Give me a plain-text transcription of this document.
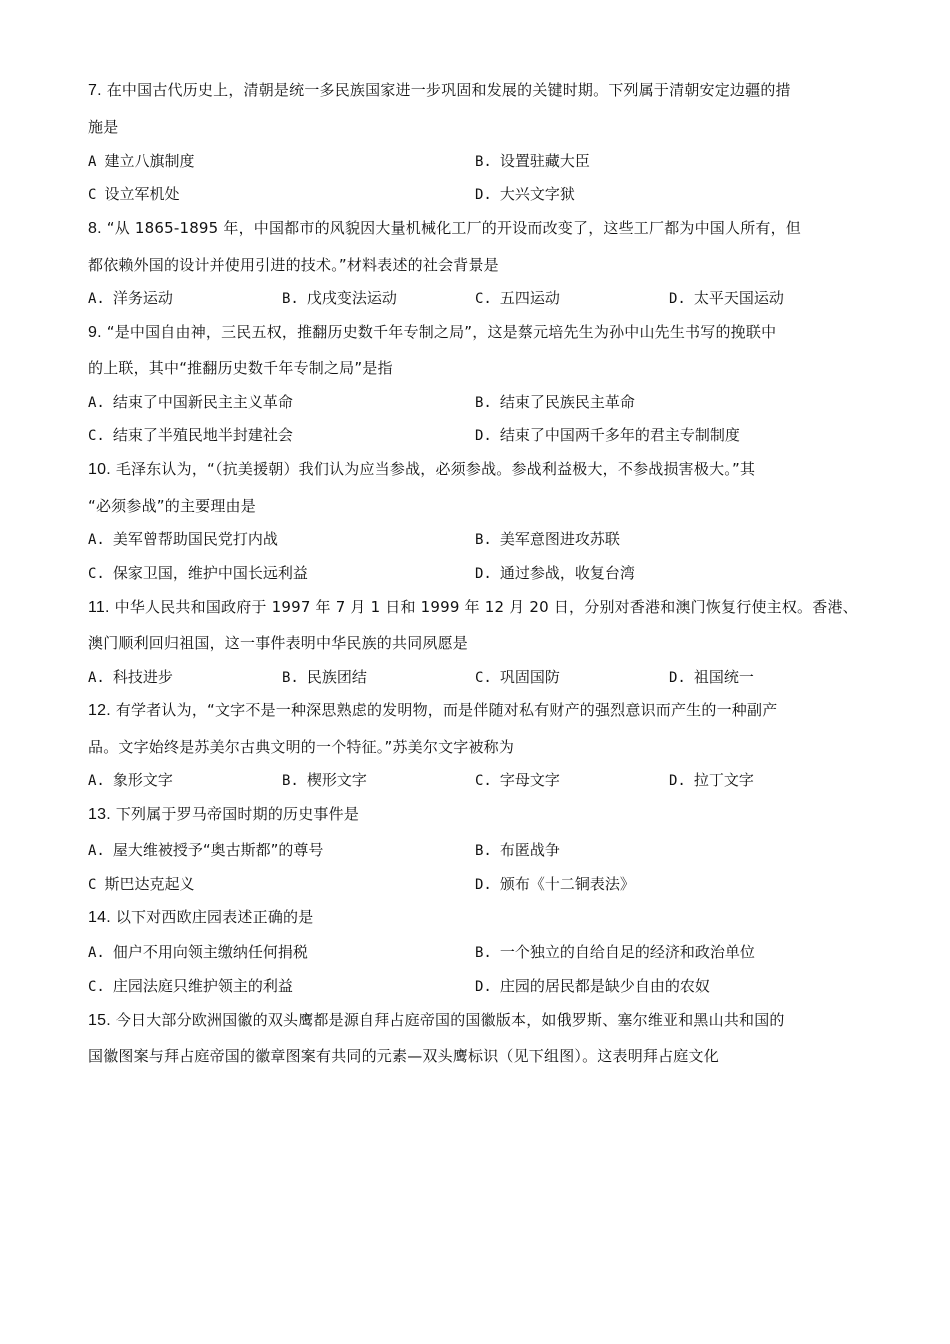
7. 在中国古代历史上，清朝是统一多民族国家进一步巩固和发展的关键时期。下列属于清朝安定边疆的措
施是
A 建立八旗制度	B. 设置驻藏大臣
C 设立军机处	D. 大兴文字狱
8. “从 1865-1895 年，中国都市的风貌因大量机械化工厂的开设而改变了，这些工厂都为中国人所有，但
都依赖外国的设计并使用引进的技术。”材料表述的社会背景是
A. 洋务运动	B. 戊戌变法运动	C. 五四运动	D. 太平天国运动
9. “是中国自由神，三民五权，推翻历史数千年专制之局”，这是蔡元培先生为孙中山先生书写的挽联中
的上联，其中“推翻历史数千年专制之局”是指
A. 结束了中国新民主主义革命	B. 结束了民族民主革命
C. 结束了半殖民地半封建社会	D. 结束了中国两千多年的君主专制制度
10. 毛泽东认为，“（抗美援朝）我们认为应当参战，必须参战。参战利益极大，不参战损害极大。”其
“必须参战”的主要理由是
A. 美军曾帮助国民党打内战	B. 美军意图进攻苏联
C. 保家卫国，维护中国长远利益	D. 通过参战，收复台湾
11. 中华人民共和国政府于 1997 年 7 月 1 日和 1999 年 12 月 20 日，分别对香港和澳门恢复行使主权。香港、
澳门顺利回归祖国，这一事件表明中华民族的共同夙愿是
A. 科技进步	B. 民族团结	C. 巩固国防	D. 祖国统一
12. 有学者认为，“文字不是一种深思熟虑的发明物，而是伴随对私有财产的强烈意识而产生的一种副产
品。文字始终是苏美尔古典文明的一个特征。”苏美尔文字被称为
A. 象形文字	B. 楔形文字	C. 字母文字	D. 拉丁文字
13. 下列属于罗马帝国时期的历史事件是
A. 屋大维被授予“奥古斯都”的尊号	B. 布匿战争
C 斯巴达克起义	D. 颁布《十二铜表法》
14. 以下对西欧庄园表述正确的是
A. 佃户不用向领主缴纳任何捐税	B. 一个独立的自给自足的经济和政治单位
C. 庄园法庭只维护领主的利益	D. 庄园的居民都是缺少自由的农奴
15. 今日大部分欧洲国徽的双头鹰都是源自拜占庭帝国的国徽版本，如俄罗斯、塞尔维亚和黑山共和国的
国徽图案与拜占庭帝国的徽章图案有共同的元素—双头鹰标识（见下组图）。这表明拜占庭文化
